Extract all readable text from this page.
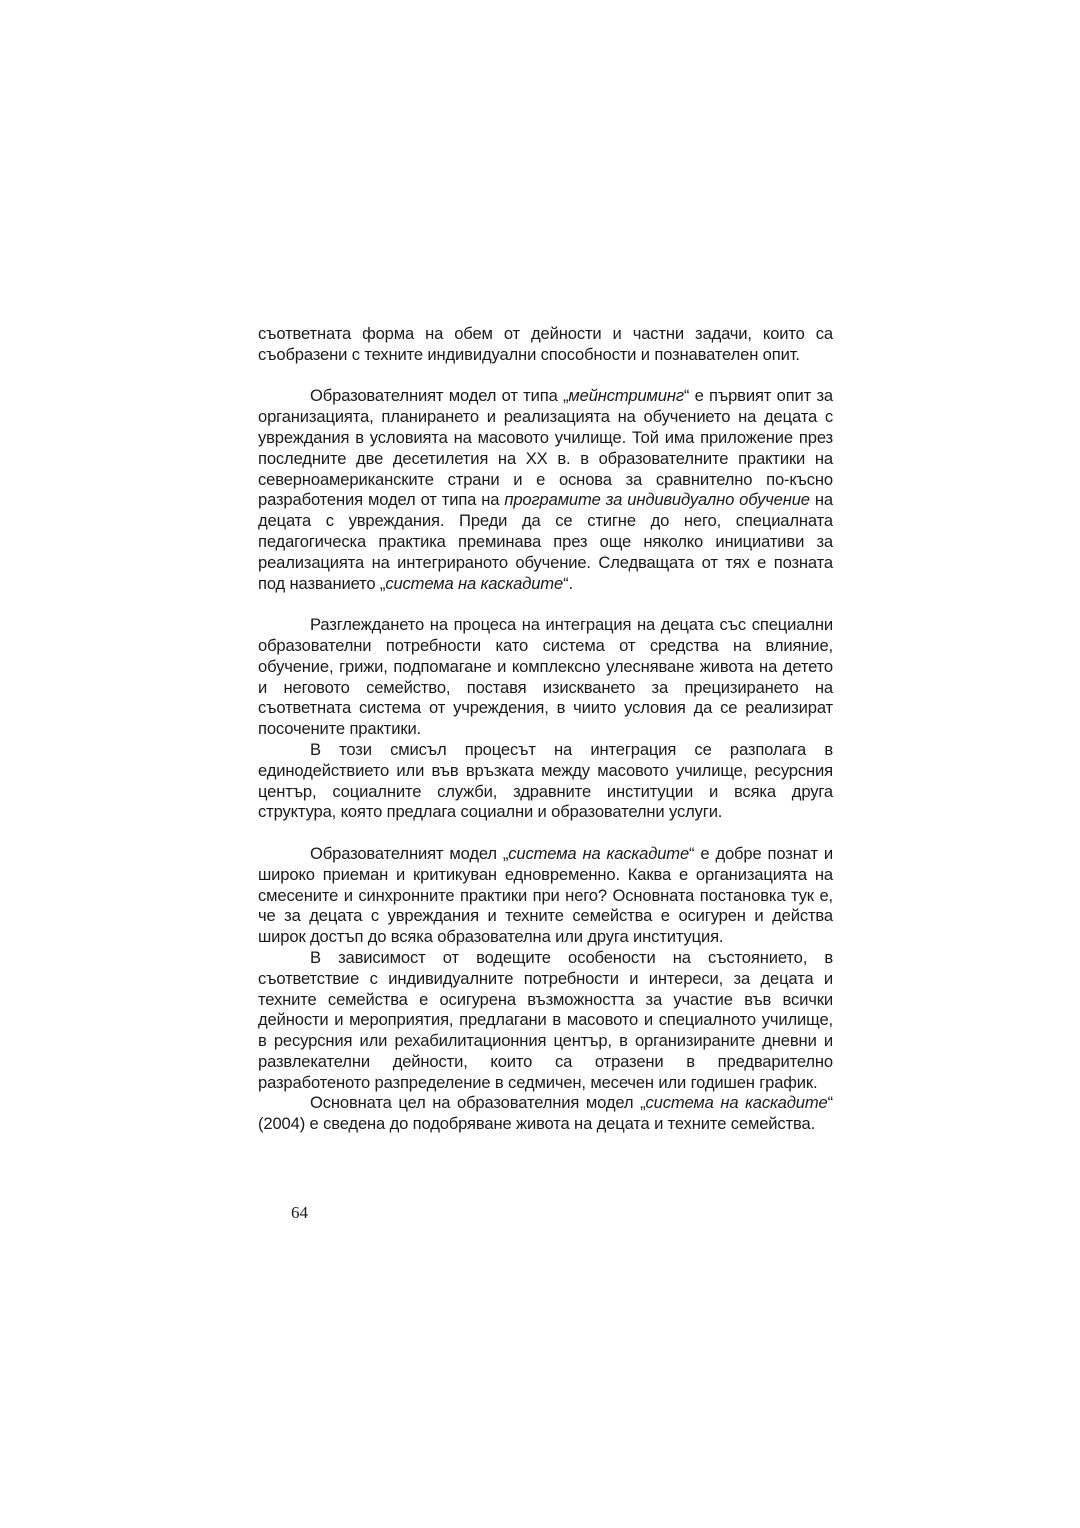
съответната форма на обем от дейности и частни задачи, които са съобразени с техните индивидуални способности и познавателен опит.

Образователният модел от типа „мейнстриминг“ е първият опит за организацията, планирането и реализацията на обучението на децата с увреждания в условията на масовото училище. Той има приложение през последните две десетилетия на XX в. в образователните практики на северноамериканските страни и е основа за сравнително по-късно разработения модел от типа на програмите за индивидуално обучение на децата с увреждания. Преди да се стигне до него, специалната педагогическа практика преминава през още няколко инициативи за реализацията на интегрираното обучение. Следващата от тях е позната под названието „система на каскадите“.

Разглеждането на процеса на интеграция на децата със специални образователни потребности като система от средства на влияние, обучение, грижи, подпомагане и комплексно улесняване живота на детето и неговото семейство, поставя изискването за прецизирането на съответната система от учреждения, в чиито условия да се реализират посочените практики.

В този смисъл процесът на интеграция се разполага в единодействието или във връзката между масовото училище, ресурсния център, социалните служби, здравните институции и всяка друга структура, която предлага социални и образователни услуги.

Образователният модел „система на каскадите“ е добре познат и широко приеман и критикуван едновременно. Каква е организацията на смесените и синхронните практики при него? Основната постановка тук е, че за децата с увреждания и техните семейства е осигурен и действа широк достъп до всяка образователна или друга институция.

В зависимост от водещите особености на състоянието, в съответствие с индивидуалните потребности и интереси, за децата и техните семейства е осигурена възможността за участие във всички дейности и мероприятия, предлагани в масовото и специалното училище, в ресурсния или рехабилитационния център, в организираните дневни и развлекателни дейности, които са отразени в предварително разработеното разпределение в седмичен, месечен или годишен график.

Основната цел на образователния модел „система на каскадите“ (2004) е сведена до подобряване живота на децата и техните семейства.

64
